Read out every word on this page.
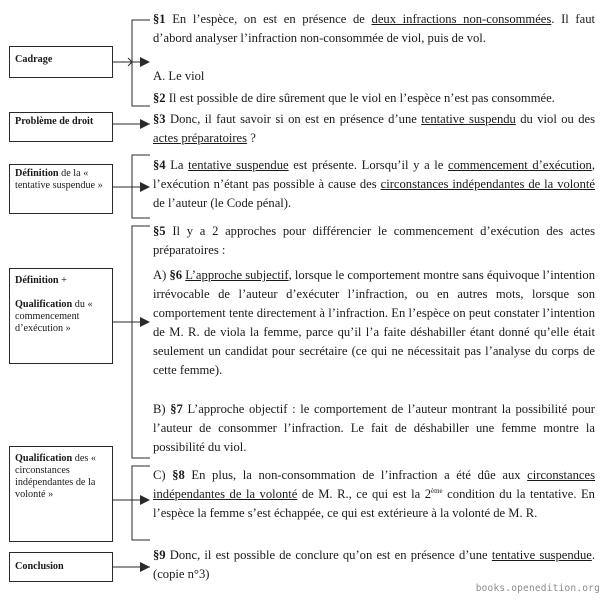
Cadrage
Problème de droit
Définition de la « tentative suspendue »
Définition +

Qualification du « commencement d’exécution »
Qualification des « circonstances indépendantes de la volonté »
Conclusion
§1 En l’espèce, on est en présence de deux infractions non-consommées. Il faut d’abord analyser l’infraction non-consommée de viol, puis de vol.
A. Le viol
§2 Il est possible de dire sûrement que le viol en l’espèce n’est pas consommée.
§3 Donc, il faut savoir si on est en présence d’une tentative suspendu du viol ou des actes préparatoires ?
§4 La tentative suspendue est présente. Lorsqu’il y a le commencement d’exécution, l’exécution n’étant pas possible à cause des circonstances indépendantes de la volonté de l’auteur (le Code pénal).
§5 Il y a 2 approches pour différencier le commencement d’exécution des actes préparatoires :
A) §6 L’approche subjectif, lorsque le comportement montre sans équivoque l’intention irrévocable de l’auteur d’exécuter l’infraction, ou en autres mots, lorsque son comportement tente directement à l’infraction. En l’espèce on peut constater l’intention de M. R. de viola la femme, parce qu’il l’a faite déshabiller étant donné qu’elle était seulement un candidat pour secrétaire (ce qui ne nécessitait pas l’analyse du corps de cette femme).
B) §7 L’approche objectif : le comportement de l’auteur montrant la possibilité pour l’auteur de consommer l’infraction. Le fait de déshabiller une femme montre la possibilité du viol.
C) §8 En plus, la non-consommation de l’infraction a été dûe aux circonstances indépendantes de la volonté de M. R., ce qui est la 2ème condition du la tentative. En l’espèce la femme s’est échappée, ce qui est extérieure à la volonté de M. R.
§9 Donc, il est possible de conclure qu’on est en présence d’une tentative suspendue. (copie n°3)
books.openedition.org
